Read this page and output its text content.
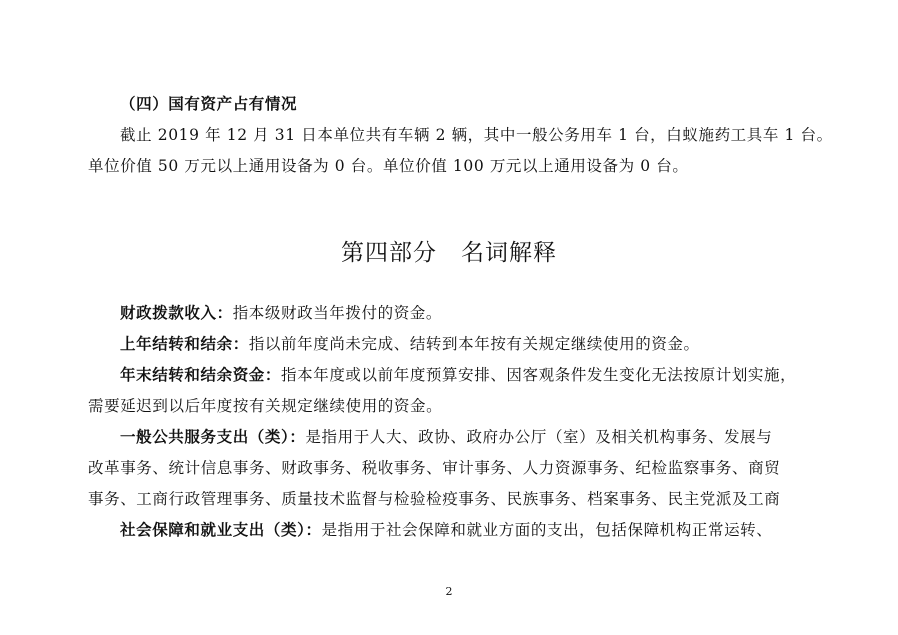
（四）国有资产占有情况
截止 2019 年 12 月 31 日本单位共有车辆 2 辆，其中一般公务用车 1 台，白蚁施药工具车 1 台。
单位价值 50 万元以上通用设备为 0 台。单位价值 100 万元以上通用设备为 0 台。
第四部分 名词解释
财政拨款收入：指本级财政当年拨付的资金。
上年结转和结余：指以前年度尚未完成、结转到本年按有关规定继续使用的资金。
年末结转和结余资金：指本年度或以前年度预算安排、因客观条件发生变化无法按原计划实施，
需要延迟到以后年度按有关规定继续使用的资金。
一般公共服务支出（类）：是指用于人大、政协、政府办公厅（室）及相关机构事务、发展与
改革事务、统计信息事务、财政事务、税收事务、审计事务、人力资源事务、纪检监察事务、商贸
事务、工商行政管理事务、质量技术监督与检验检疫事务、民族事务、档案事务、民主党派及工商
社会保障和就业支出（类）：是指用于社会保障和就业方面的支出，包括保障机构正常运转、
2
